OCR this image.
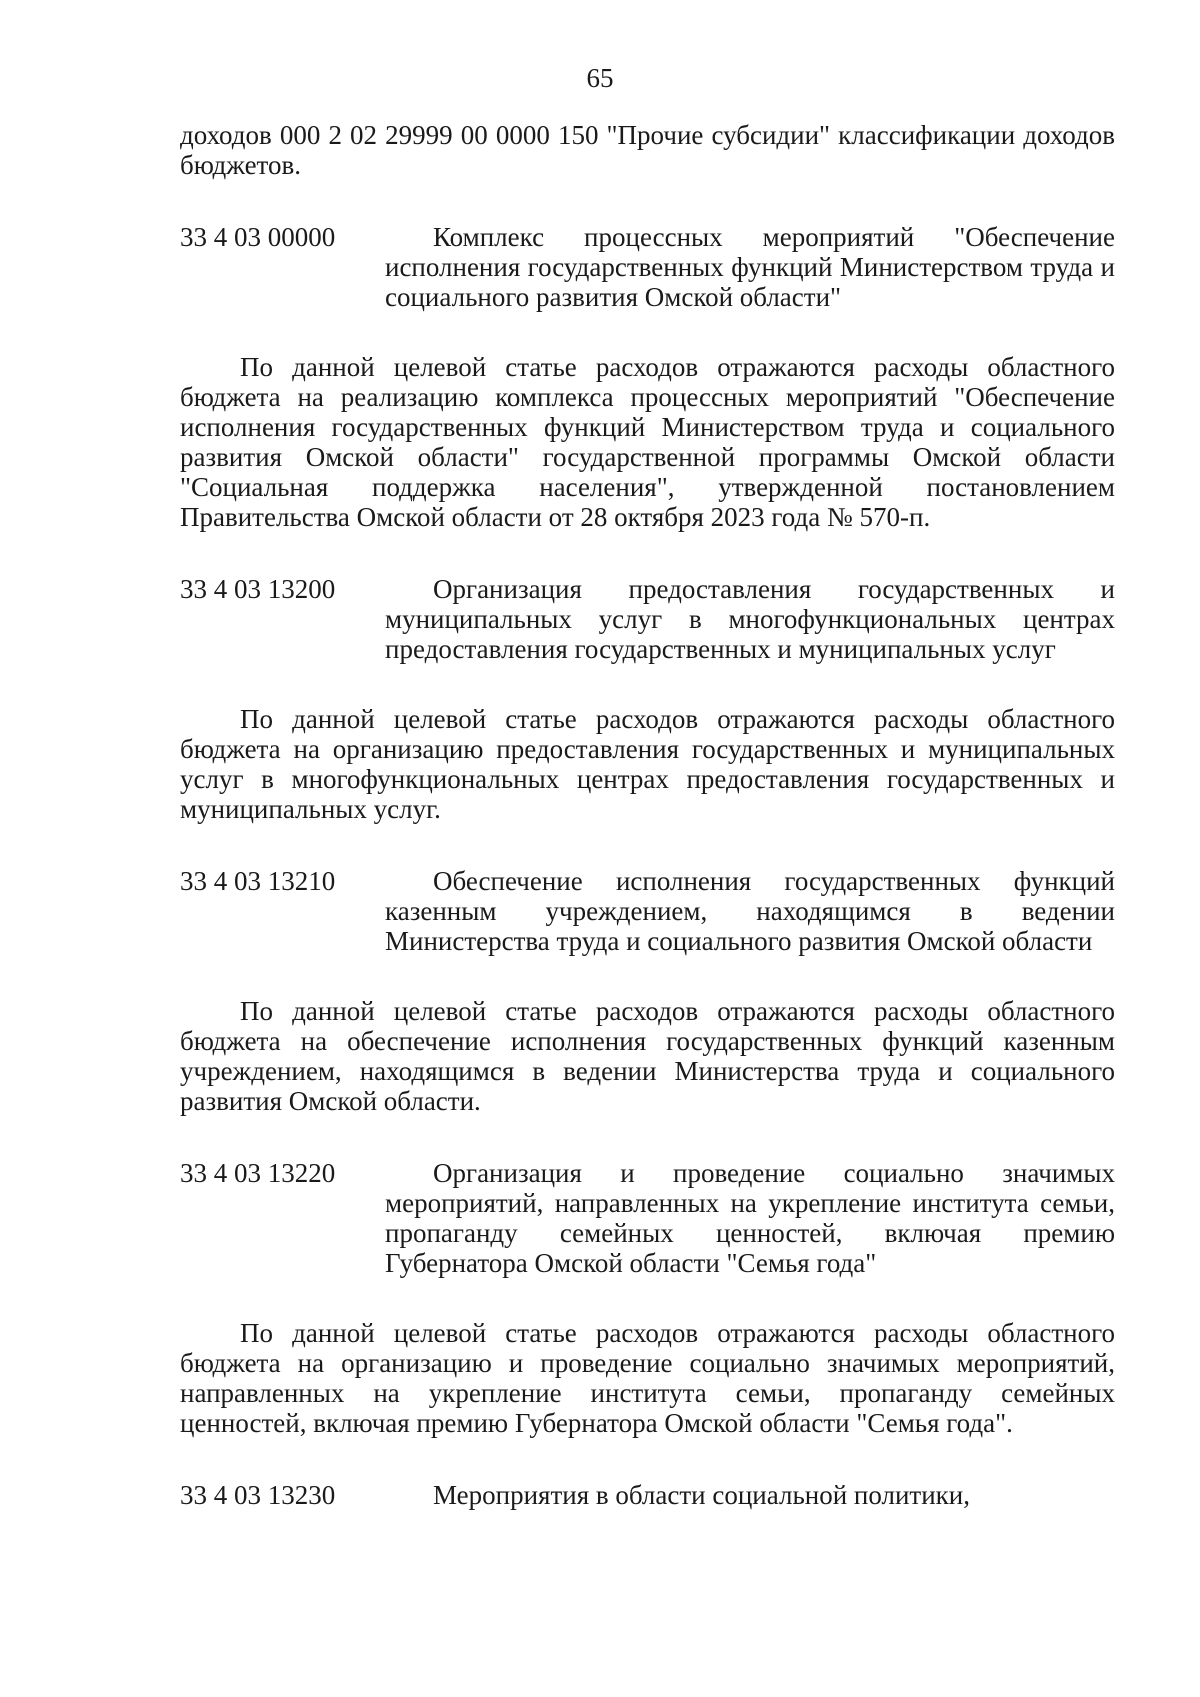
65

доходов 000 2 02 29999 00 0000 150 "Прочие субсидии" классификации доходов бюджетов.

33 4 03 00000	Комплекс процессных мероприятий "Обеспечение исполнения государственных функций Министерством труда и социального развития Омской области"

По данной целевой статье расходов отражаются расходы областного бюджета на реализацию комплекса процессных мероприятий "Обеспечение исполнения государственных функций Министерством труда и социального развития Омской области" государственной программы Омской области "Социальная поддержка населения", утвержденной постановлением Правительства Омской области от 28 октября 2023 года № 570-п.

33 4 03 13200	Организация предоставления государственных и муниципальных услуг в многофункциональных центрах предоставления государственных и муниципальных услуг

По данной целевой статье расходов отражаются расходы областного бюджета на организацию предоставления государственных и муниципальных услуг в многофункциональных центрах предоставления государственных и муниципальных услуг.

33 4 03 13210	Обеспечение исполнения государственных функций казенным учреждением, находящимся в ведении Министерства труда и социального развития Омской области

По данной целевой статье расходов отражаются расходы областного бюджета на обеспечение исполнения государственных функций казенным учреждением, находящимся в ведении Министерства труда и социального развития Омской области.

33 4 03 13220	Организация и проведение социально значимых мероприятий, направленных на укрепление института семьи, пропаганду семейных ценностей, включая премию Губернатора Омской области "Семья года"

По данной целевой статье расходов отражаются расходы областного бюджета на организацию и проведение социально значимых мероприятий, направленных на укрепление института семьи, пропаганду семейных ценностей, включая премию Губернатора Омской области "Семья года".

33 4 03 13230	Мероприятия в области социальной политики,
